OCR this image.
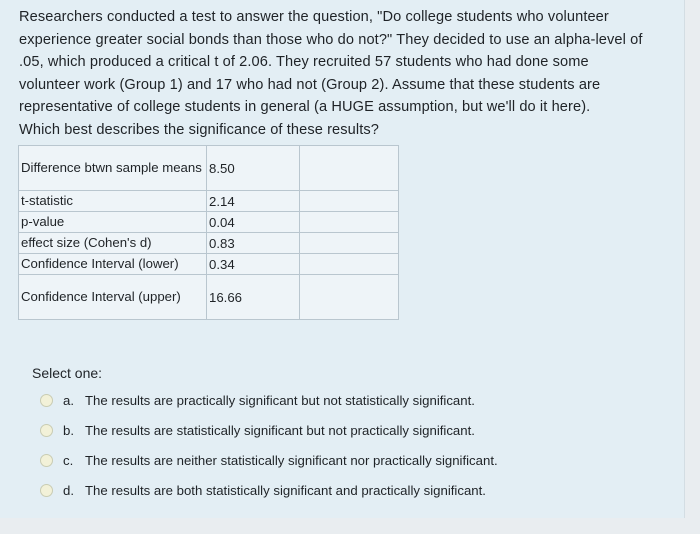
Researchers conducted a test to answer the question, "Do college students who volunteer

experience greater social bonds than those who do not?" They decided to use an alpha-level of

.05, which produced a critical t of 2.06. They recruited 57 students who had done some

volunteer work (Group 1) and 17 who had not (Group 2). Assume that these students are

representative of college students in general (a HUGE assumption, but we'll do it here).

Which best describes the significance of these results?

Difference btwn sample means	8.50	
t-statistic	2.14	
p-value	0.04	
effect size (Cohen's d)	0.83	
Confidence Interval (lower)	0.34	
Confidence Interval (upper)	16.66	
Select one:
a. The results are practically significant but not statistically significant.
b. The results are statistically significant but not practically significant.
c. The results are neither statistically significant nor practically significant.
d. The results are both statistically significant and practically significant.
